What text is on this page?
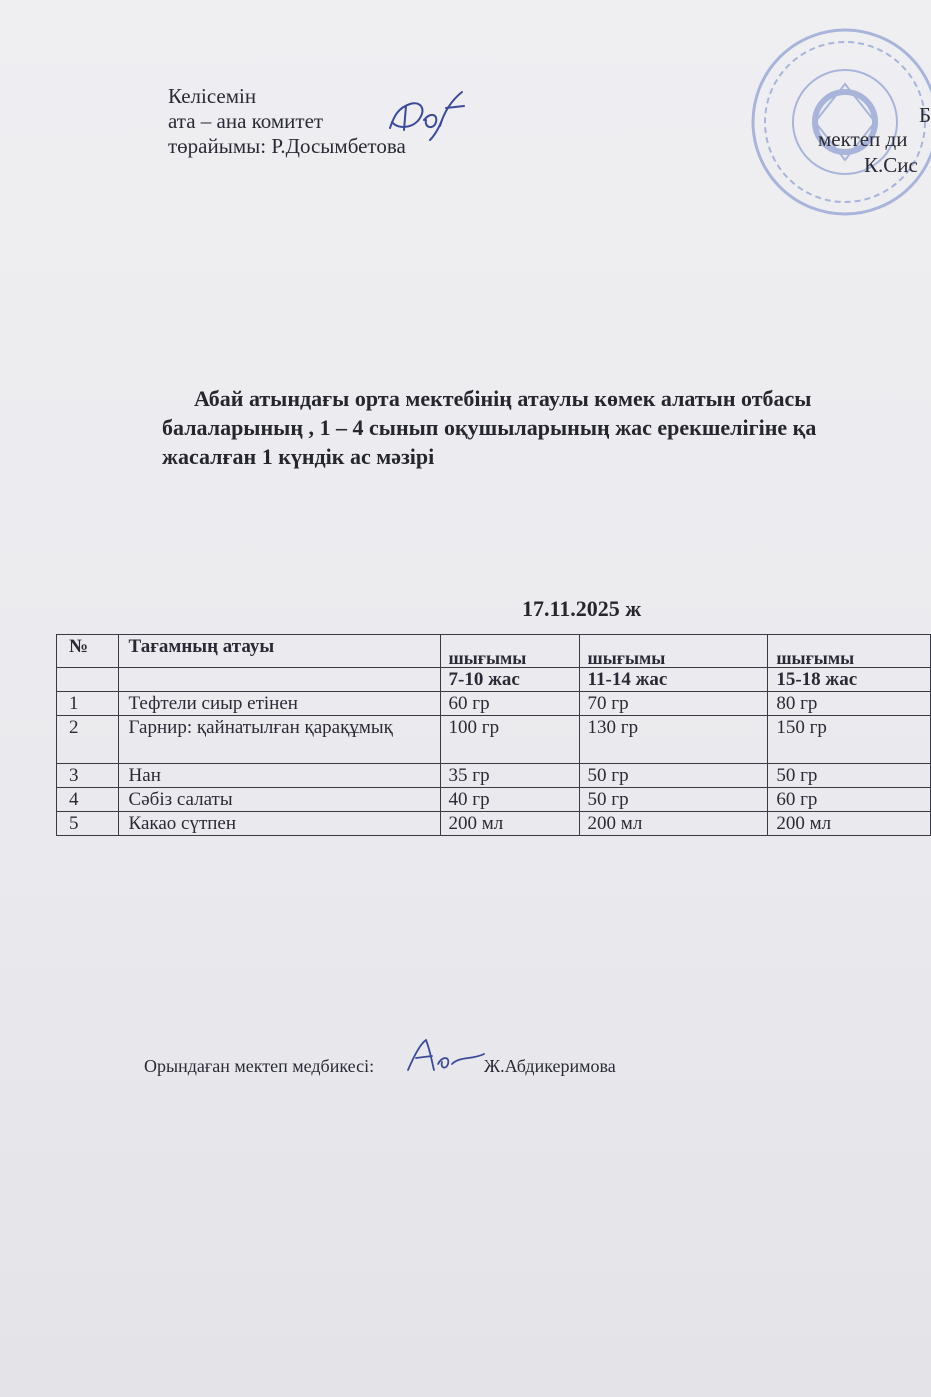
Келісемін
ата – ана комитет
төрайымы: Р.Досымбетова
Б
мектеп ди
К.Сис
Абай атындағы орта мектебінің атаулы көмек алатын отбасы
балаларының , 1 – 4 сынып оқушыларының жас ерекшелігіне қа
жасалған 1 күндік ас мәзірі
17.11.2025 ж
№	Тағамның атауы	шығымы	шығымы	шығымы
		7-10 жас	11-14 жас	15-18 жас
1	Тефтели сиыр етінен	60 гр	70 гр	80 гр
2	Гарнир: қайнатылған қарақұмық	100 гр	130 гр	150 гр
3	Нан	35 гр	50 гр	50 гр
4	Сәбіз салаты	40 гр	50 гр	60 гр
5	Какао сүтпен	200 мл	200 мл	200 мл
Орындаған мектеп медбикесі:	Ж.Абдикеримова
